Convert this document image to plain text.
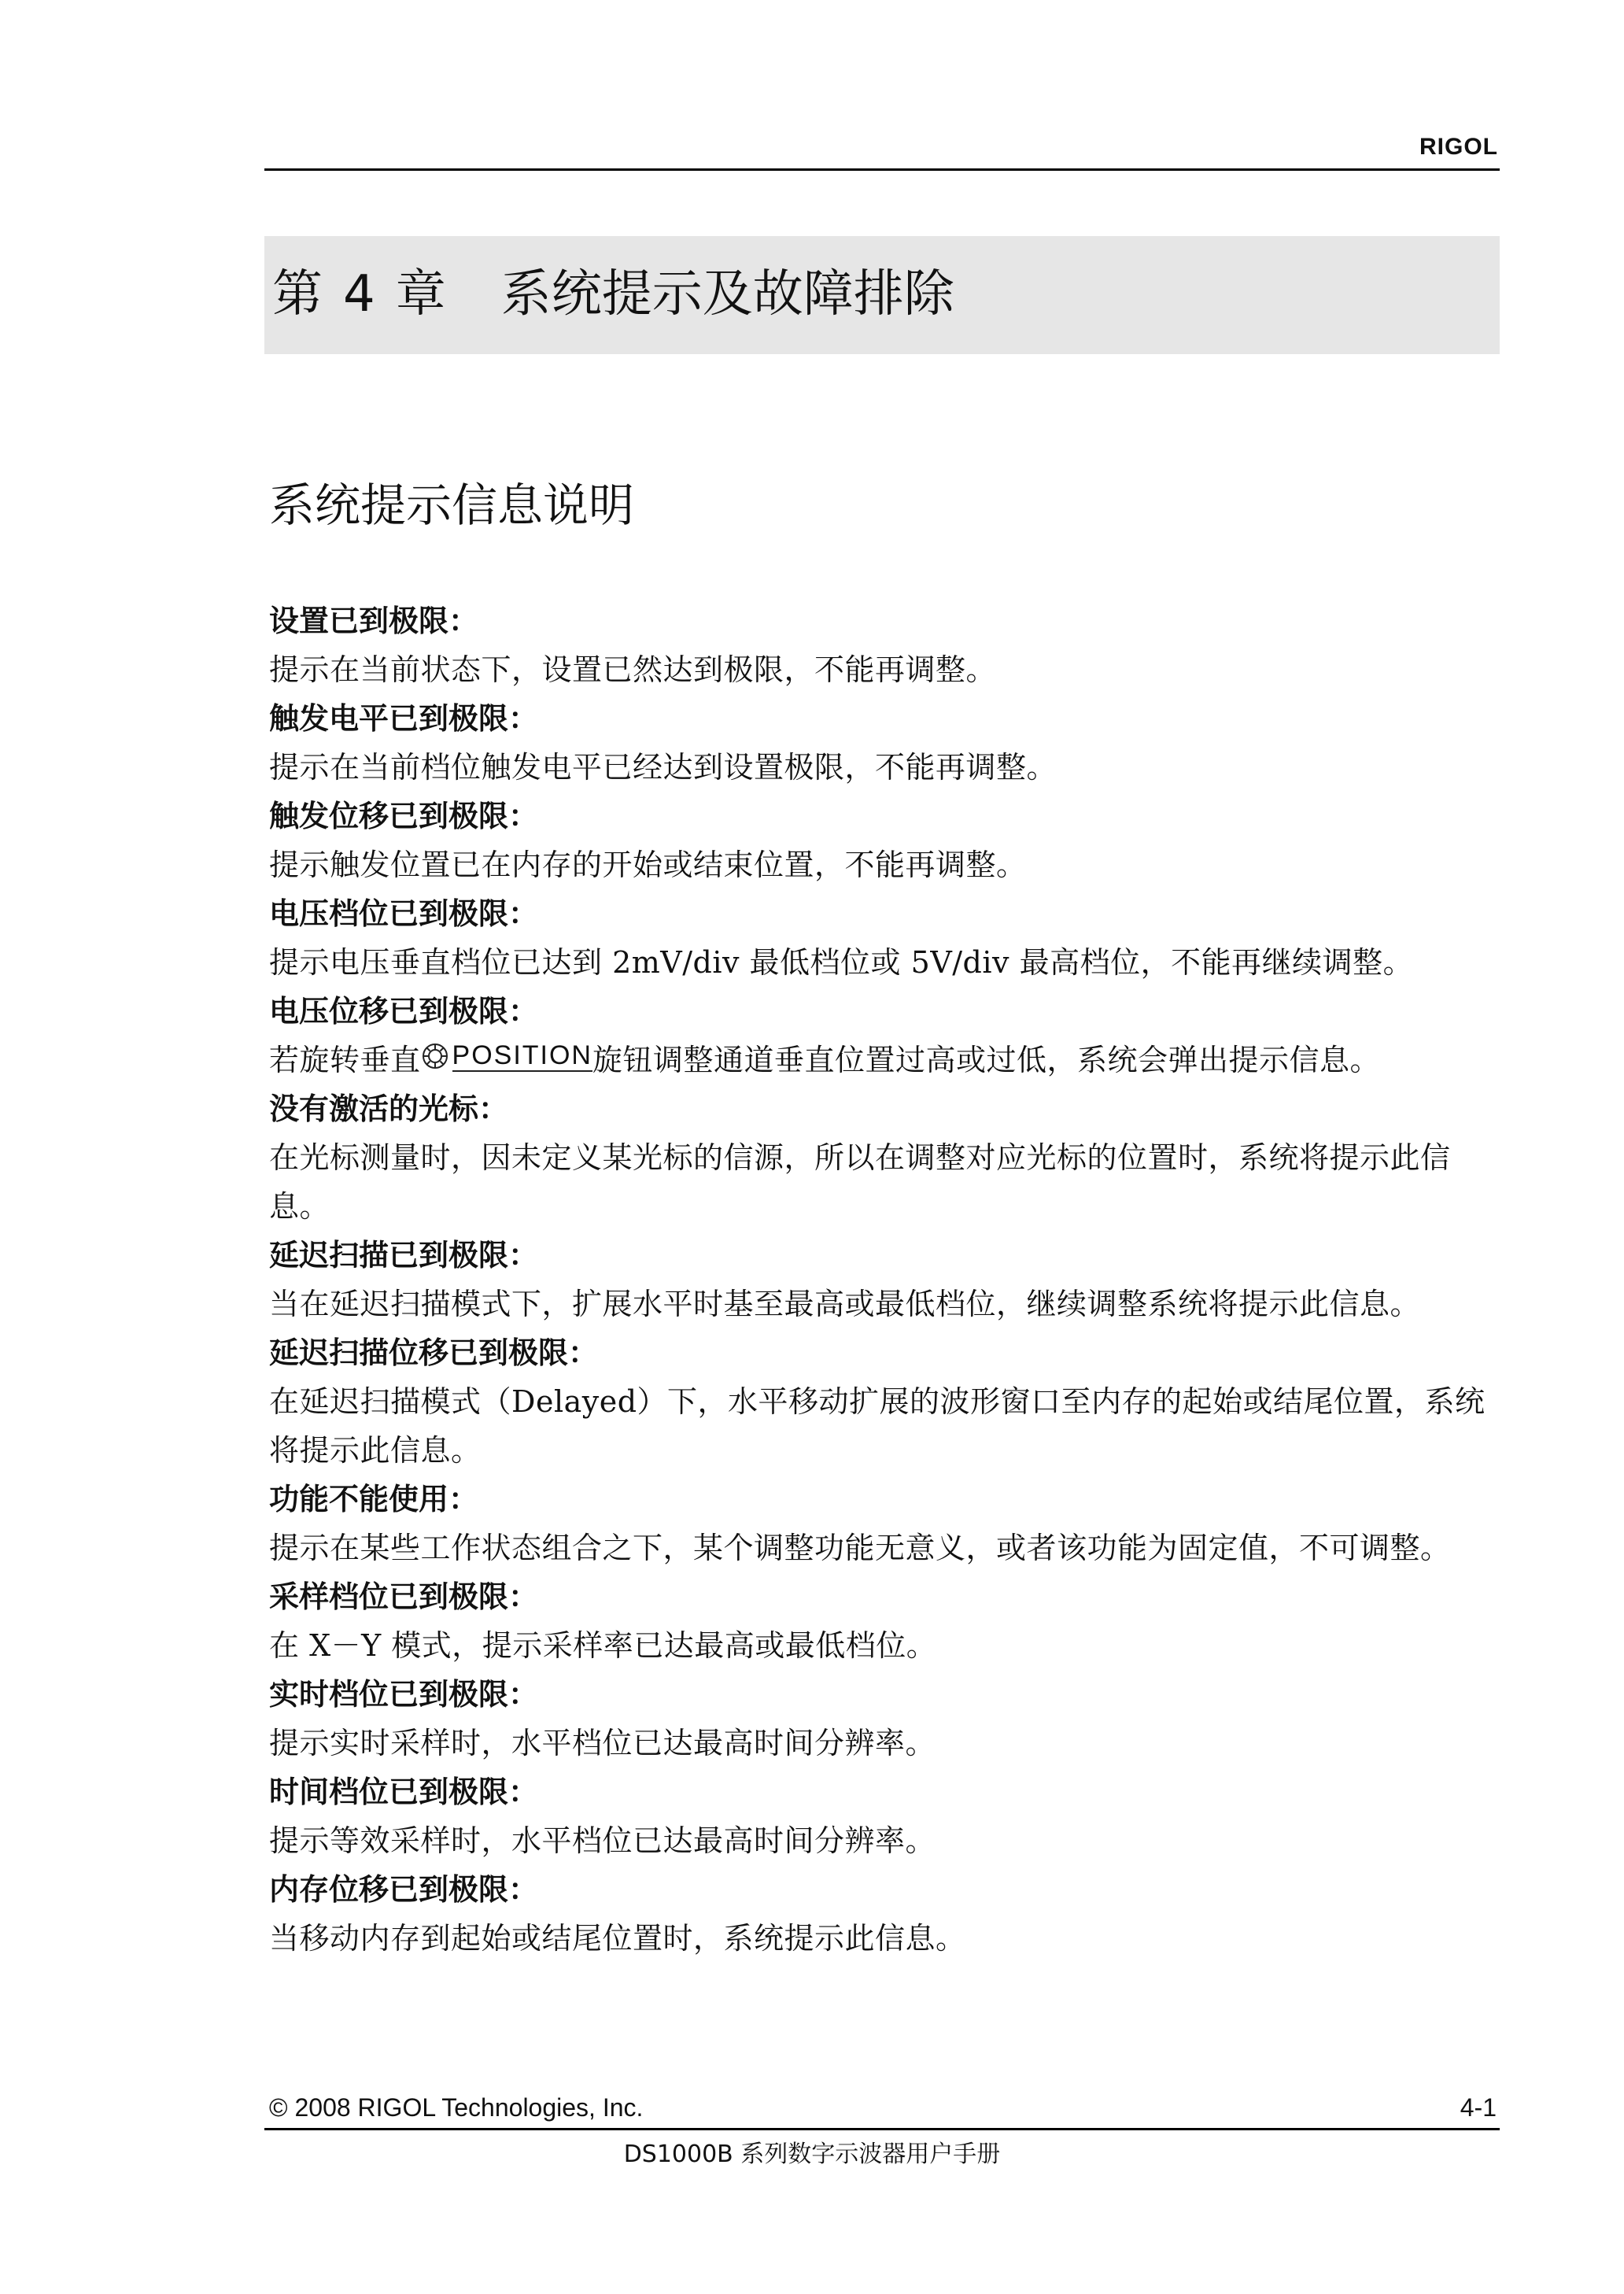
RIGOL
第 4 章 系统提示及故障排除
系统提示信息说明
设置已到极限：

提示在当前状态下，设置已然达到极限，不能再调整。

触发电平已到极限：

提示在当前档位触发电平已经达到设置极限，不能再调整。

触发位移已到极限：

提示触发位置已在内存的开始或结束位置，不能再调整。

电压档位已到极限：

提示电压垂直档位已达到 2mV/div 最低档位或 5V/div 最高档位，不能再继续调整。

电压位移已到极限：

若旋转垂直 POSITION 旋钮调整通道垂直位置过高或过低，系统会弹出提示信息。

没有激活的光标：

在光标测量时，因未定义某光标的信源，所以在调整对应光标的位置时，系统将提示此信息。

延迟扫描已到极限：

当在延迟扫描模式下，扩展水平时基至最高或最低档位，继续调整系统将提示此信息。

延迟扫描位移已到极限：

在延迟扫描模式（Delayed）下，水平移动扩展的波形窗口至内存的起始或结尾位置，系统将提示此信息。

功能不能使用：

提示在某些工作状态组合之下，某个调整功能无意义，或者该功能为固定值，不可调整。

采样档位已到极限：

在 X－Y 模式，提示采样率已达最高或最低档位。

实时档位已到极限：

提示实时采样时，水平档位已达最高时间分辨率。

时间档位已到极限：

提示等效采样时，水平档位已达最高时间分辨率。

内存位移已到极限：

当移动内存到起始或结尾位置时，系统提示此信息。

© 2008 RIGOL Technologies, Inc.	4-1
DS1000B 系列数字示波器用户手册
